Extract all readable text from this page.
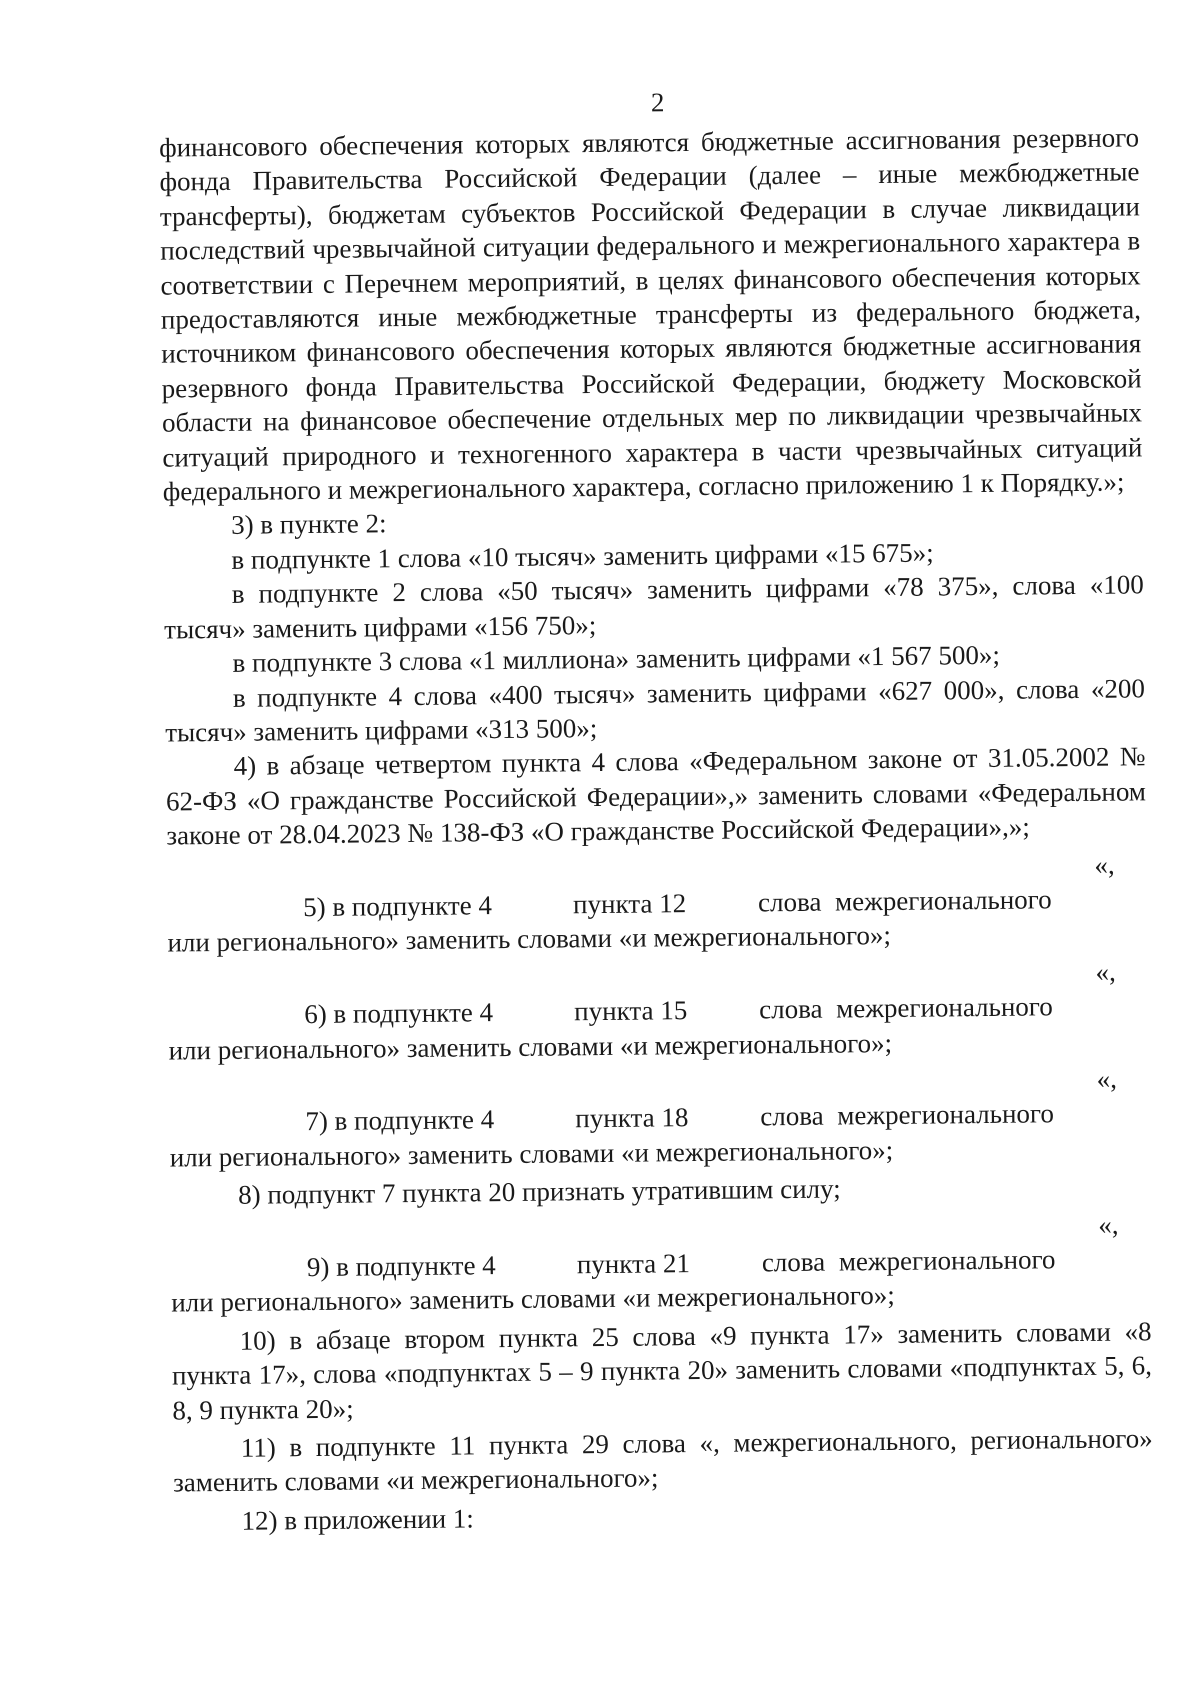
2

финансового обеспечения которых являются бюджетные ассигнования резервного фонда Правительства Российской Федерации (далее – иные межбюджетные трансферты), бюджетам субъектов Российской Федерации в случае ликвидации последствий чрезвычайной ситуации федерального и межрегионального характера в соответствии с Перечнем мероприятий, в целях финансового обеспечения которых предоставляются иные межбюджетные трансферты из федерального бюджета, источником финансового обеспечения которых являются бюджетные ассигнования резервного фонда Правительства Российской Федерации, бюджету Московской области на финансовое обеспечение отдельных мер по ликвидации чрезвычайных ситуаций природного и техногенного характера в части чрезвычайных ситуаций федерального и межрегионального характера, согласно приложению 1 к Порядку.»;

3) в пункте 2:

в подпункте 1 слова «10 тысяч» заменить цифрами «15 675»;

в подпункте 2 слова «50 тысяч» заменить цифрами «78 375», слова «100 тысяч» заменить цифрами «156 750»;

в подпункте 3 слова «1 миллиона» заменить цифрами «1 567 500»;

в подпункте 4 слова «400 тысяч» заменить цифрами «627 000», слова «200 тысяч» заменить цифрами «313 500»;

4) в абзаце четвертом пункта 4 слова «Федеральном законе от 31.05.2002 № 62-ФЗ «О гражданстве Российской Федерации»,» заменить словами «Федеральном законе от 28.04.2023 № 138-ФЗ «О гражданстве Российской Федерации»,»;

5) в подпункте 4	пункта 12	слова«, межрегионального

или регионального» заменить словами «и межрегионального»;

6) в подпункте 4	пункта 15	слова«, межрегионального

или регионального» заменить словами «и межрегионального»;

7) в подпункте 4	пункта 18	слова«, межрегионального

или регионального» заменить словами «и межрегионального»;

8) подпункт 7 пункта 20 признать утратившим силу;

9) в подпункте 4	пункта 21	слова«, межрегионального

или регионального» заменить словами «и межрегионального»;

10) в абзаце втором пункта 25 слова «9 пункта 17» заменить словами «8 пункта 17», слова «подпунктах 5 – 9 пункта 20» заменить словами «подпунктах 5, 6, 8, 9 пункта 20»;

11) в подпункте 11 пункта 29 слова «, межрегионального, регионального» заменить словами «и межрегионального»;

12) в приложении 1:
